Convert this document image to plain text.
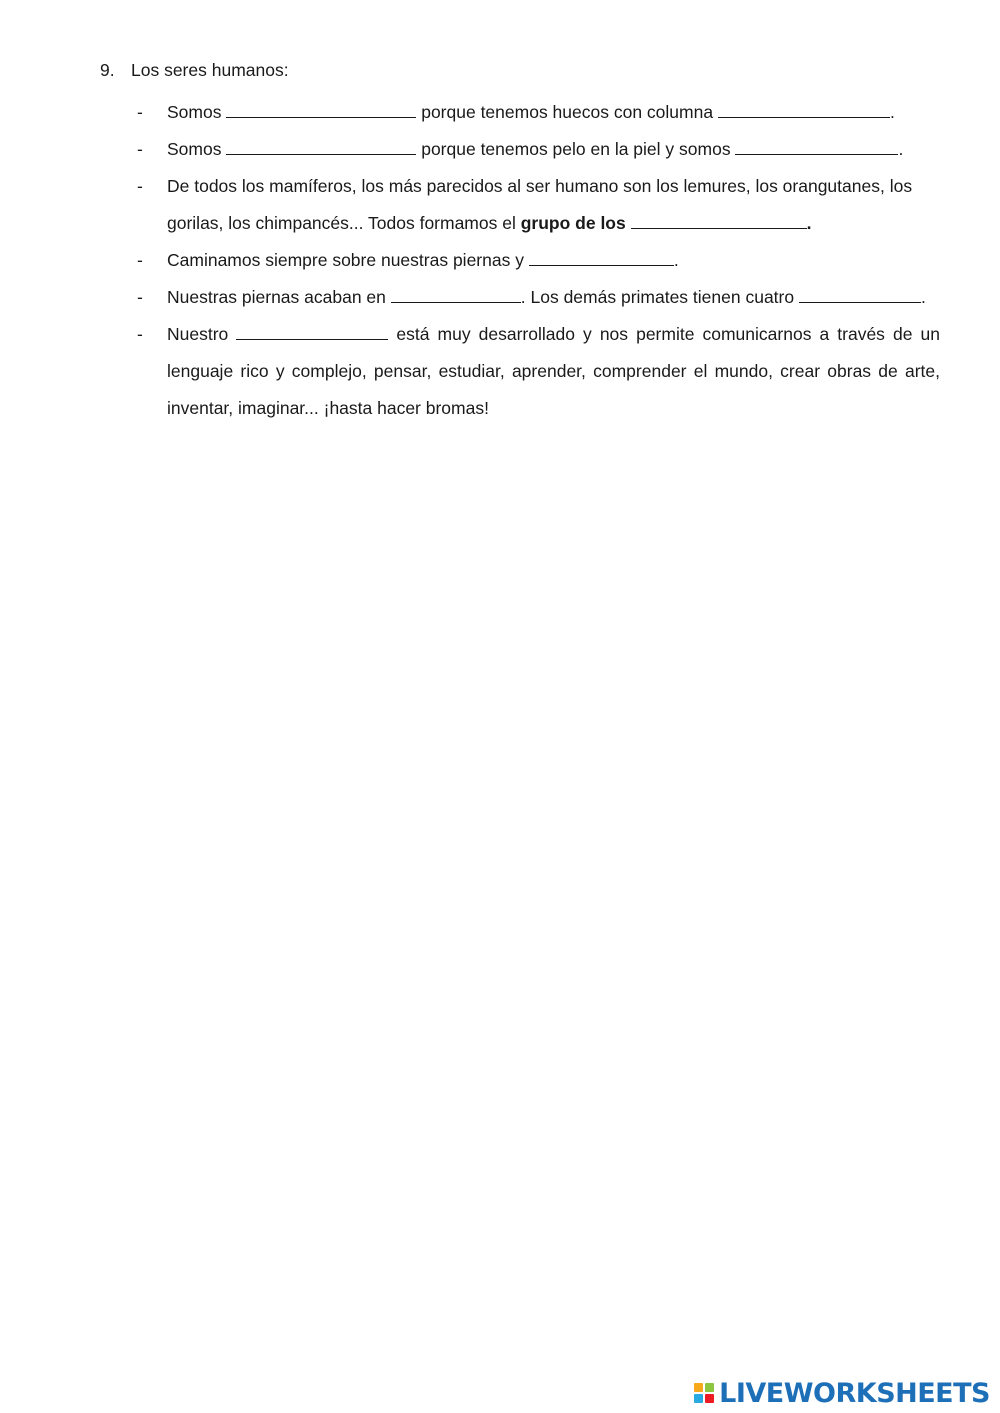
9. Los seres humanos:
- Somos	porque tenemos huecos con columna	.
- Somos	porque tenemos pelo en la piel y somos	.
- De todos los mamíferos, los más parecidos al ser humano son los lemures, los orangutanes, los
gorilas, los chimpancés... Todos formamos el grupo de los	.
- Caminamos siempre sobre nuestras piernas y	.
- Nuestras piernas acaban en	. Los demás primates tienen cuatro	.
- Nuestro	está muy desarrollado y nos permite comunicarnos a través de un lenguaje rico y complejo, pensar, estudiar, aprender, comprender el mundo, crear obras de arte, inventar, imaginar... ¡hasta hacer bromas!
LIVEWORKSHEETS
